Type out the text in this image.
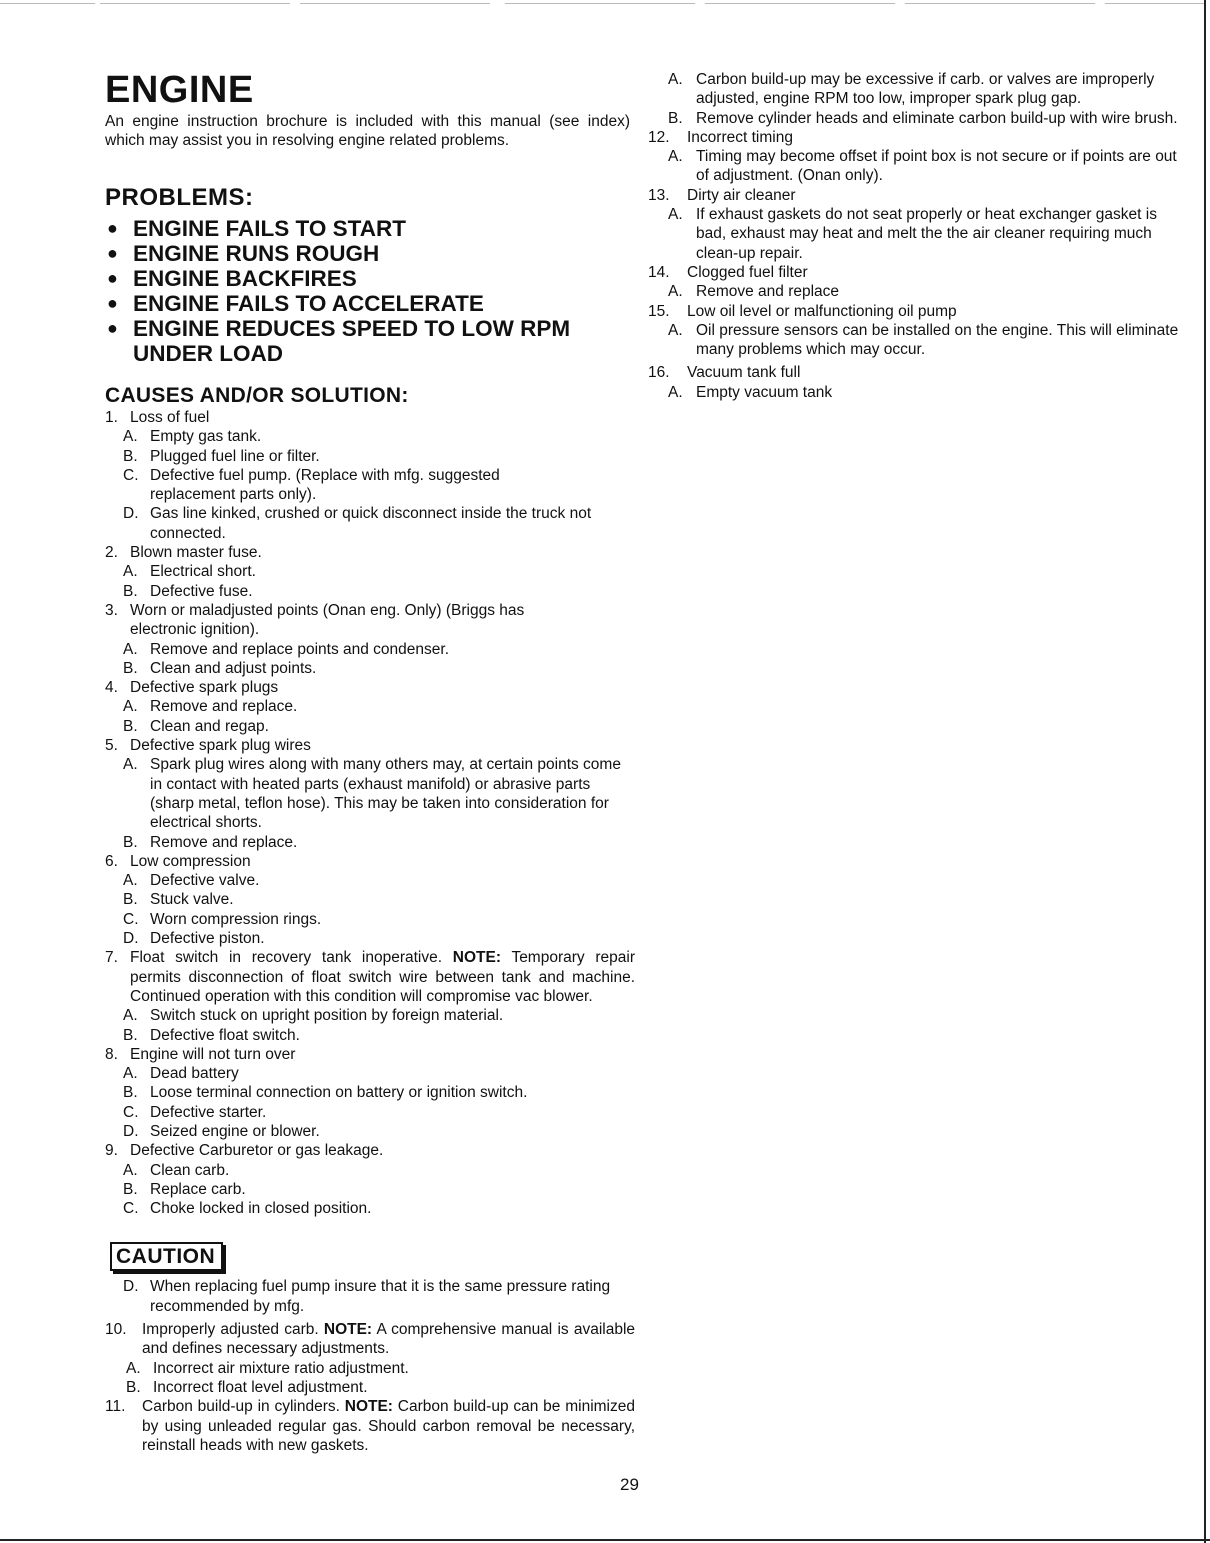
ENGINE

An engine instruction brochure is included with this manual (see index) which may assist you in resolving engine related problems.

PROBLEMS:
● ENGINE FAILS TO START
● ENGINE RUNS ROUGH
● ENGINE BACKFIRES
● ENGINE FAILS TO ACCELERATE
● ENGINE REDUCES SPEED TO LOW RPM UNDER LOAD
CAUSES AND/OR SOLUTION:
1. Loss of fuel
A. Empty gas tank.
B. Plugged fuel line or filter.
C. Defective fuel pump. (Replace with mfg. suggested replacement parts only).
D. Gas line kinked, crushed or quick disconnect inside the truck not connected.
2. Blown master fuse.
A. Electrical short.
B. Defective fuse.
3. Worn or maladjusted points (Onan eng. Only) (Briggs has electronic ignition).
A. Remove and replace points and condenser.
B. Clean and adjust points.
4. Defective spark plugs
A. Remove and replace.
B. Clean and regap.
5. Defective spark plug wires
A. Spark plug wires along with many others may, at certain points come in contact with heated parts (exhaust manifold) or abrasive parts (sharp metal, teflon hose). This may be taken into consideration for electrical shorts.
B. Remove and replace.
6. Low compression
A. Defective valve.
B. Stuck valve.
C. Worn compression rings.
D. Defective piston.
7. Float switch in recovery tank inoperative. NOTE: Temporary repair permits disconnection of float switch wire between tank and machine. Continued operation with this condition will compromise vac blower.
A. Switch stuck on upright position by foreign material.
B. Defective float switch.
8. Engine will not turn over
A. Dead battery
B. Loose terminal connection on battery or ignition switch.
C. Defective starter.
D. Seized engine or blower.
9. Defective Carburetor or gas leakage.
A. Clean carb.
B. Replace carb.
C. Choke locked in closed position.
CAUTION
D. When replacing fuel pump insure that it is the same pressure rating recommended by mfg.
10. Improperly adjusted carb. NOTE: A comprehensive manual is available and defines necessary adjustments.
A. Incorrect air mixture ratio adjustment.
B. Incorrect float level adjustment.
11.	Carbon build-up in cylinders. NOTE: Carbon build-up can be minimized by using unleaded regular gas. Should carbon removal be necessary, reinstall heads with new gaskets.
A. Carbon build-up may be excessive if carb. or valves are improperly adjusted, engine RPM too low, improper spark plug gap.
B. Remove cylinder heads and eliminate carbon build-up with wire brush.
12.	Incorrect timing
A. Timing may become offset if point box is not secure or if points are out of adjustment. (Onan only).
13.	Dirty air cleaner
A. If exhaust gaskets do not seat properly or heat exchanger gasket is bad, exhaust may heat and melt the the air cleaner requiring much clean-up repair.
14.	Clogged fuel filter
A. Remove and replace
15.	Low oil level or malfunctioning oil pump
A. Oil pressure sensors can be installed on the engine. This will eliminate many problems which may occur.
16.	Vacuum tank full
A. Empty vacuum tank
29
